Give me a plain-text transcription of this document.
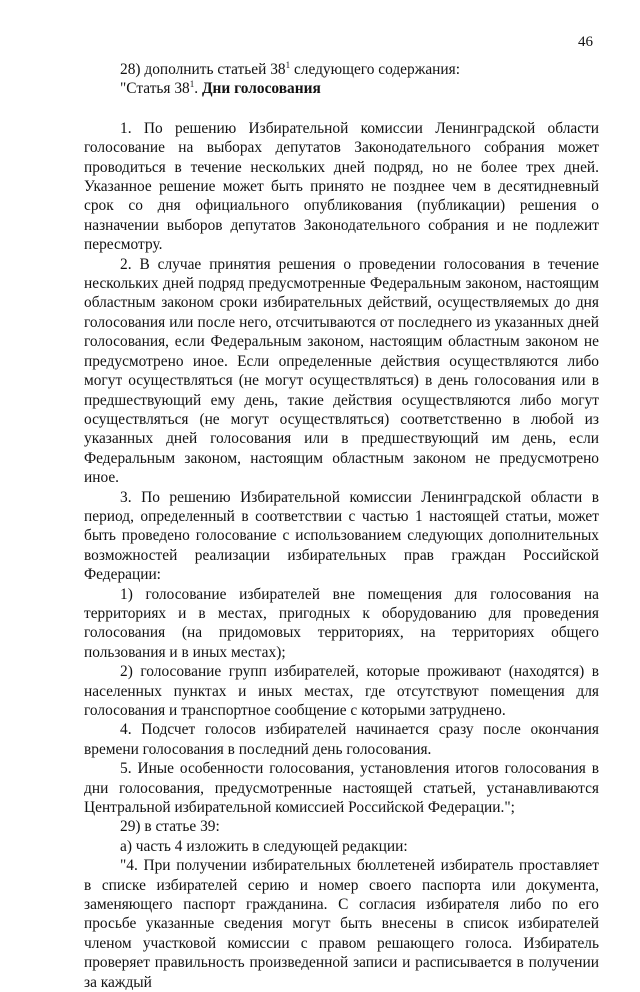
46

28) дополнить статьей $38^1$ следующего содержания:

"Статья $38^1$. Дни голосования

1. По решению Избирательной комиссии Ленинградской области голосование на выборах депутатов Законодательного собрания может проводиться в течение нескольких дней подряд, но не более трех дней. Указанное решение может быть принято не позднее чем в десятидневный срок со дня официального опубликования (публикации) решения о назначении выборов депутатов Законодательного собрания и не подлежит пересмотру.

2. В случае принятия решения о проведении голосования в течение нескольких дней подряд предусмотренные Федеральным законом, настоящим областным законом сроки избирательных действий, осуществляемых до дня голосования или после него, отсчитываются от последнего из указанных дней голосования, если Федеральным законом, настоящим областным законом не предусмотрено иное. Если определенные действия осуществляются либо могут осуществляться (не могут осуществляться) в день голосования или в предшествующий ему день, такие действия осуществляются либо могут осуществляться (не могут осуществляться) соответственно в любой из указанных дней голосования или в предшествующий им день, если Федеральным законом, настоящим областным законом не предусмотрено иное.

3. По решению Избирательной комиссии Ленинградской области в период, определенный в соответствии с частью 1 настоящей статьи, может быть проведено голосование с использованием следующих дополнительных возможностей реализации избирательных прав граждан Российской Федерации:

1) голосование избирателей вне помещения для голосования на территориях и в местах, пригодных к оборудованию для проведения голосования (на придомовых территориях, на территориях общего пользования и в иных местах);

2) голосование групп избирателей, которые проживают (находятся) в населенных пунктах и иных местах, где отсутствуют помещения для голосования и транспортное сообщение с которыми затруднено.

4. Подсчет голосов избирателей начинается сразу после окончания времени голосования в последний день голосования.

5. Иные особенности голосования, установления итогов голосования в дни голосования, предусмотренные настоящей статьей, устанавливаются Центральной избирательной комиссией Российской Федерации.";

29) в статье 39:

а) часть 4 изложить в следующей редакции:

"4. При получении избирательных бюллетеней избиратель проставляет в списке избирателей серию и номер своего паспорта или документа, заменяющего паспорт гражданина. С согласия избирателя либо по его просьбе указанные сведения могут быть внесены в список избирателей членом участковой комиссии с правом решающего голоса. Избиратель проверяет правильность произведенной записи и расписывается в получении за каждый
